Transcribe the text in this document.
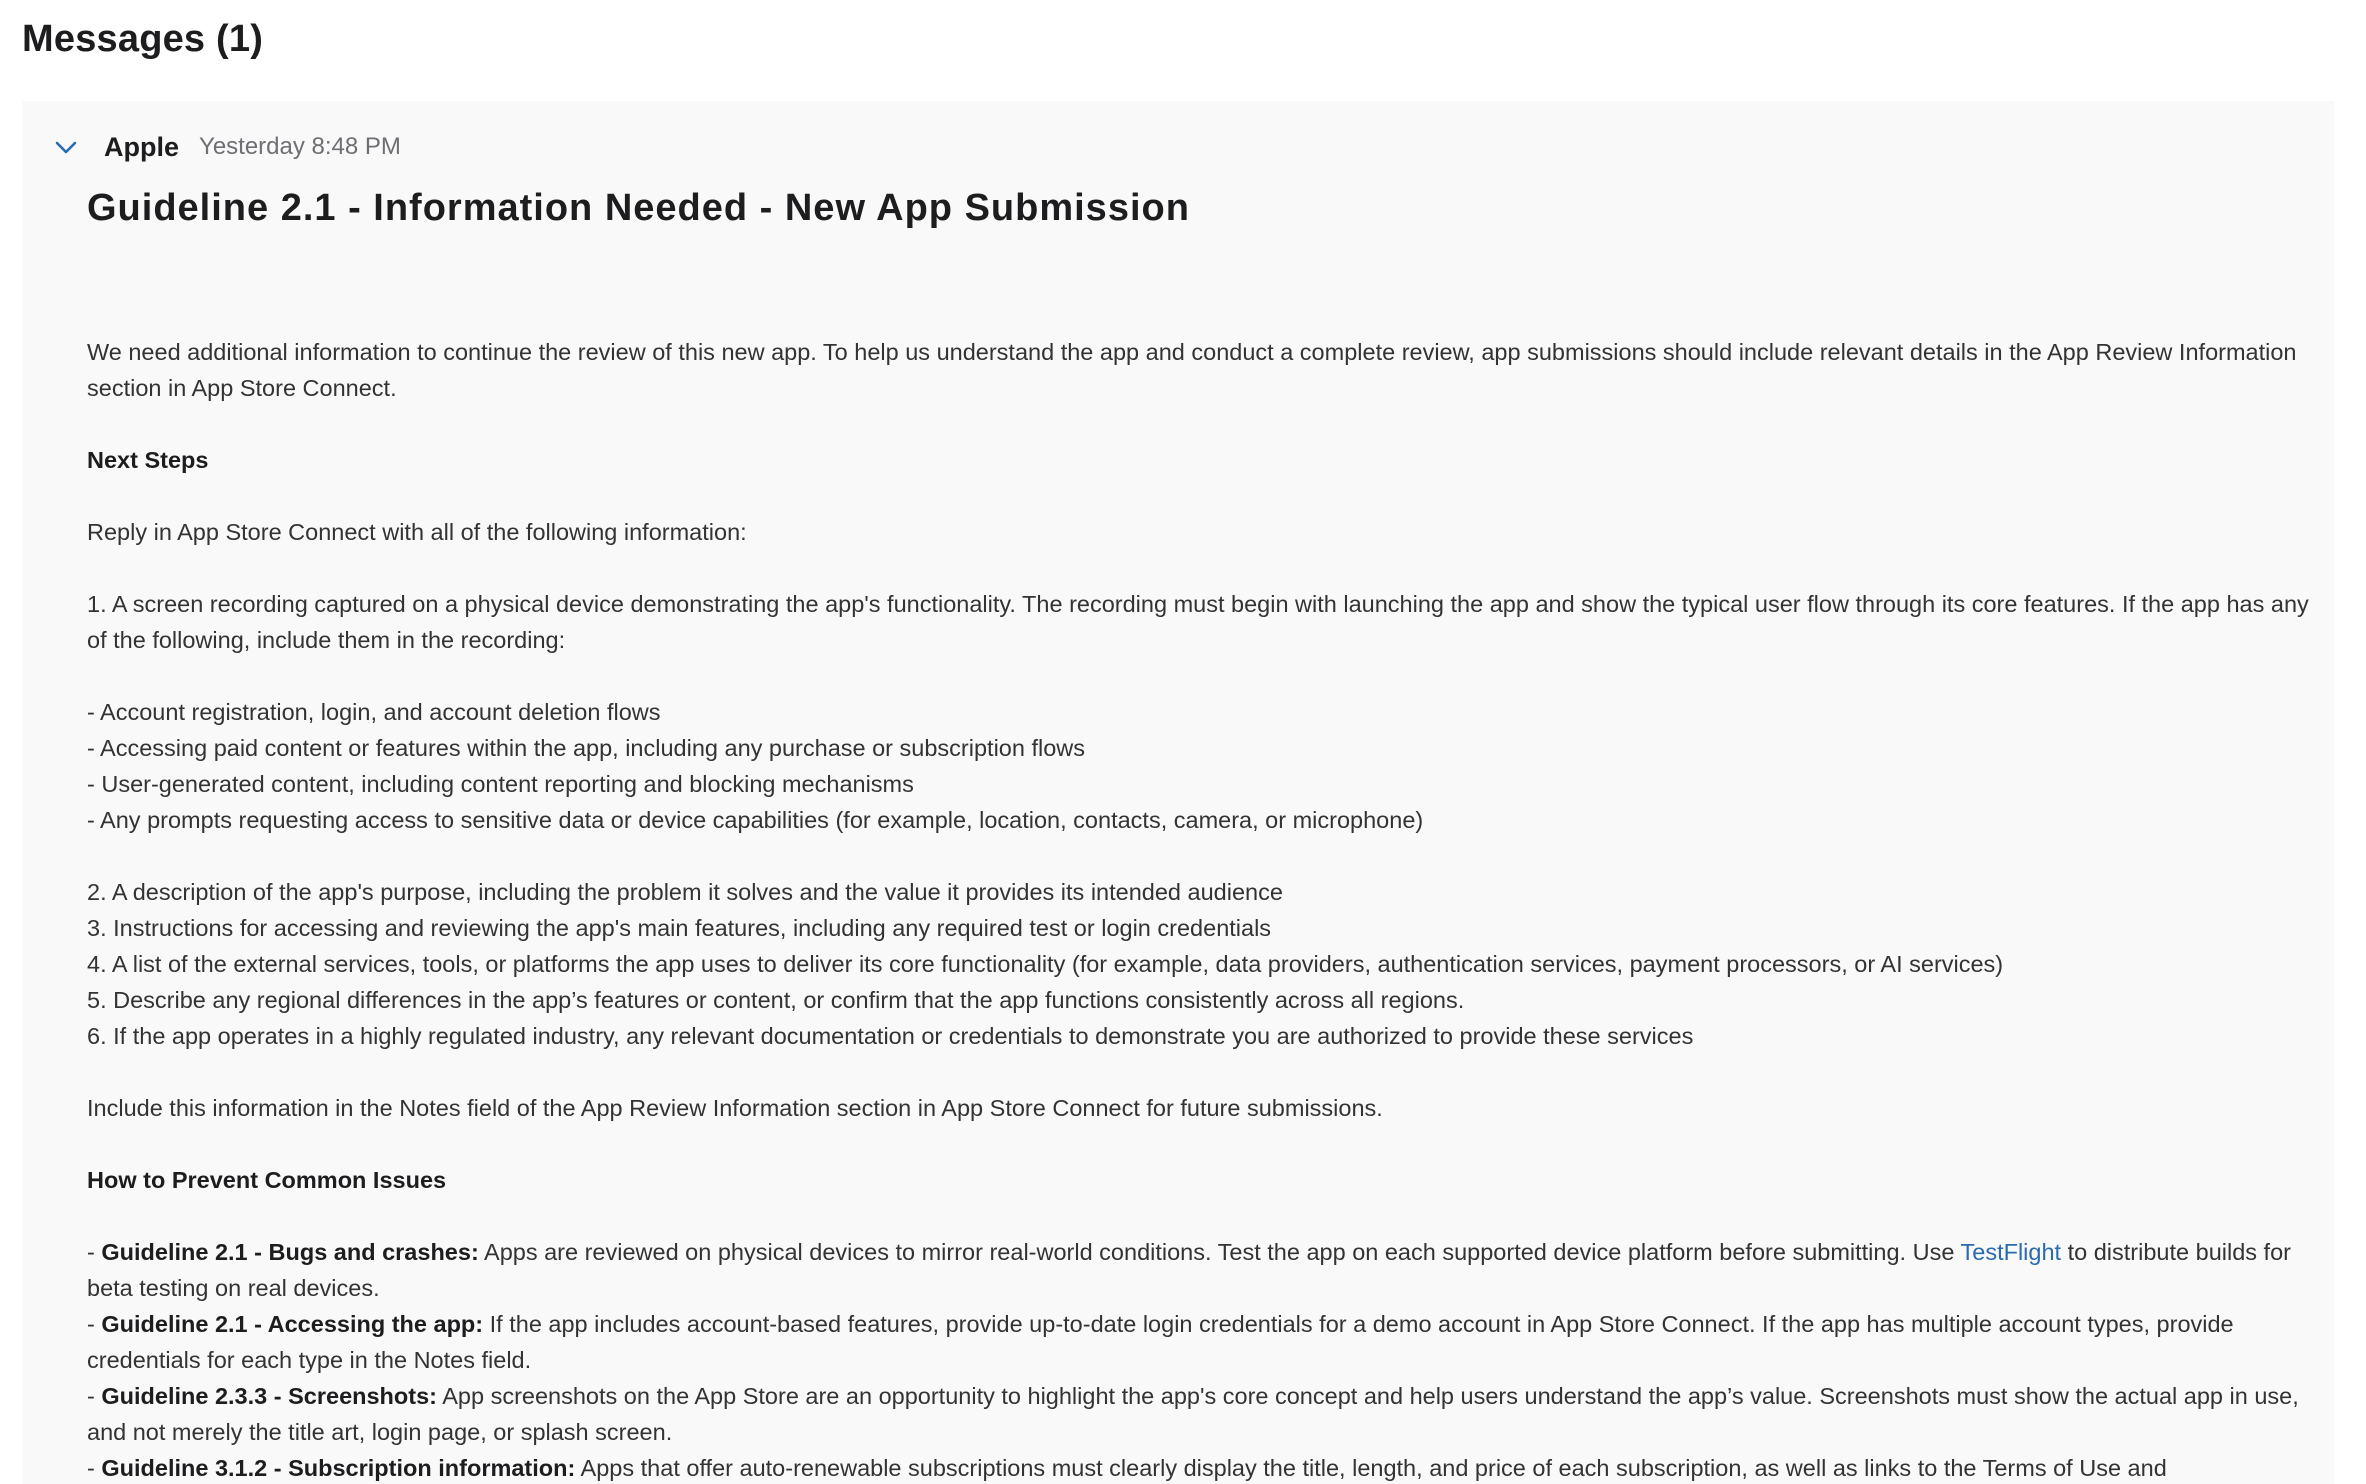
Messages (1)
Apple Yesterday 8:48 PM
Guideline 2.1 - Information Needed - New App Submission

We need additional information to continue the review of this new app. To help us understand the app and conduct a complete review, app submissions should include relevant details in the App Review Information section in App Store Connect.

Next Steps

Reply in App Store Connect with all of the following information:

1. A screen recording captured on a physical device demonstrating the app's functionality. The recording must begin with launching the app and show the typical user flow through its core features. If the app has any of the following, include them in the recording:

- Account registration, login, and account deletion flows

- Accessing paid content or features within the app, including any purchase or subscription flows

- User-generated content, including content reporting and blocking mechanisms

- Any prompts requesting access to sensitive data or device capabilities (for example, location, contacts, camera, or microphone)

2. A description of the app's purpose, including the problem it solves and the value it provides its intended audience

3. Instructions for accessing and reviewing the app's main features, including any required test or login credentials

4. A list of the external services, tools, or platforms the app uses to deliver its core functionality (for example, data providers, authentication services, payment processors, or AI services)

5. Describe any regional differences in the app’s features or content, or confirm that the app functions consistently across all regions.

6. If the app operates in a highly regulated industry, any relevant documentation or credentials to demonstrate you are authorized to provide these services

Include this information in the Notes field of the App Review Information section in App Store Connect for future submissions.

How to Prevent Common Issues

- Guideline 2.1 - Bugs and crashes: Apps are reviewed on physical devices to mirror real-world conditions. Test the app on each supported device platform before submitting. Use TestFlight to distribute builds for beta testing on real devices.

- Guideline 2.1 - Accessing the app: If the app includes account-based features, provide up-to-date login credentials for a demo account in App Store Connect. If the app has multiple account types, provide credentials for each type in the Notes field.

- Guideline 2.3.3 - Screenshots: App screenshots on the App Store are an opportunity to highlight the app's core concept and help users understand the app’s value. Screenshots must show the actual app in use, and not merely the title art, login page, or splash screen.

- Guideline 3.1.2 - Subscription information: Apps that offer auto-renewable subscriptions must clearly display the title, length, and price of each subscription, as well as links to the Terms of Use and
